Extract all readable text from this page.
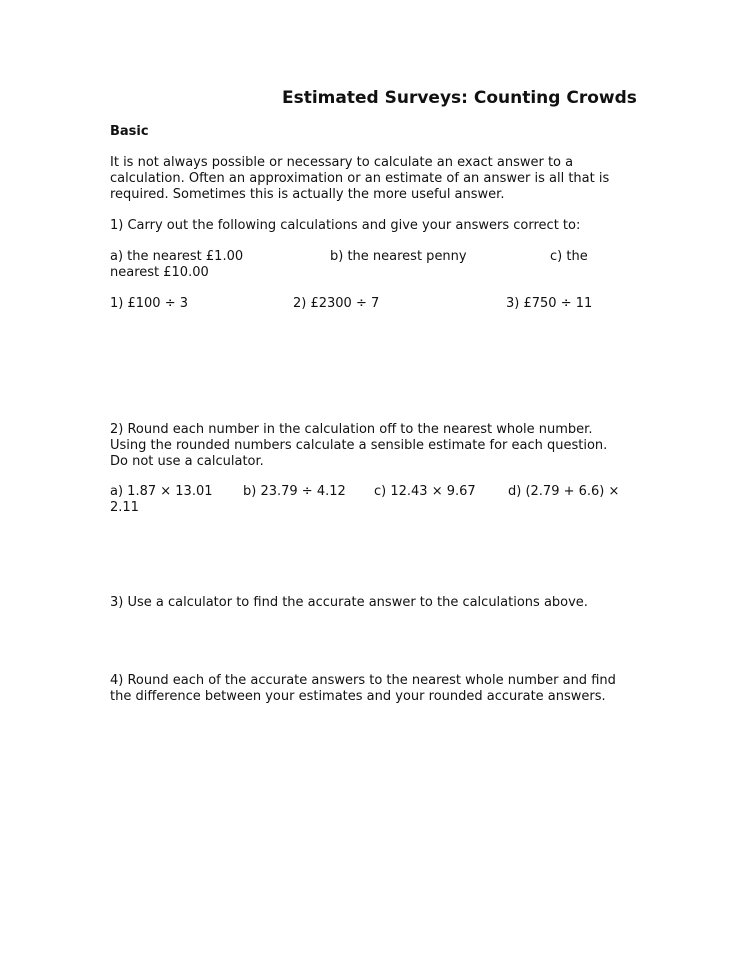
Estimated Surveys: Counting Crowds
Basic
It is not always possible or necessary to calculate an exact answer to a
calculation. Often an approximation or an estimate of an answer is all that is
required. Sometimes this is actually the more useful answer.
1) Carry out the following calculations and give your answers correct to:
a) the nearest £1.00	b) the nearest penny	c) the
nearest £10.00
1) £100 ÷ 3	2) £2300 ÷ 7	3) £750 ÷ 11
2) Round each number in the calculation off to the nearest whole number.
Using the rounded numbers calculate a sensible estimate for each question.
Do not use a calculator.
a) 1.87 × 13.01 b) 23.79 ÷ 4.12 c) 12.43 × 9.67 d) (2.79 + 6.6) ×
2.11
3) Use a calculator to find the accurate answer to the calculations above.
4) Round each of the accurate answers to the nearest whole number and find
the difference between your estimates and your rounded accurate answers.
